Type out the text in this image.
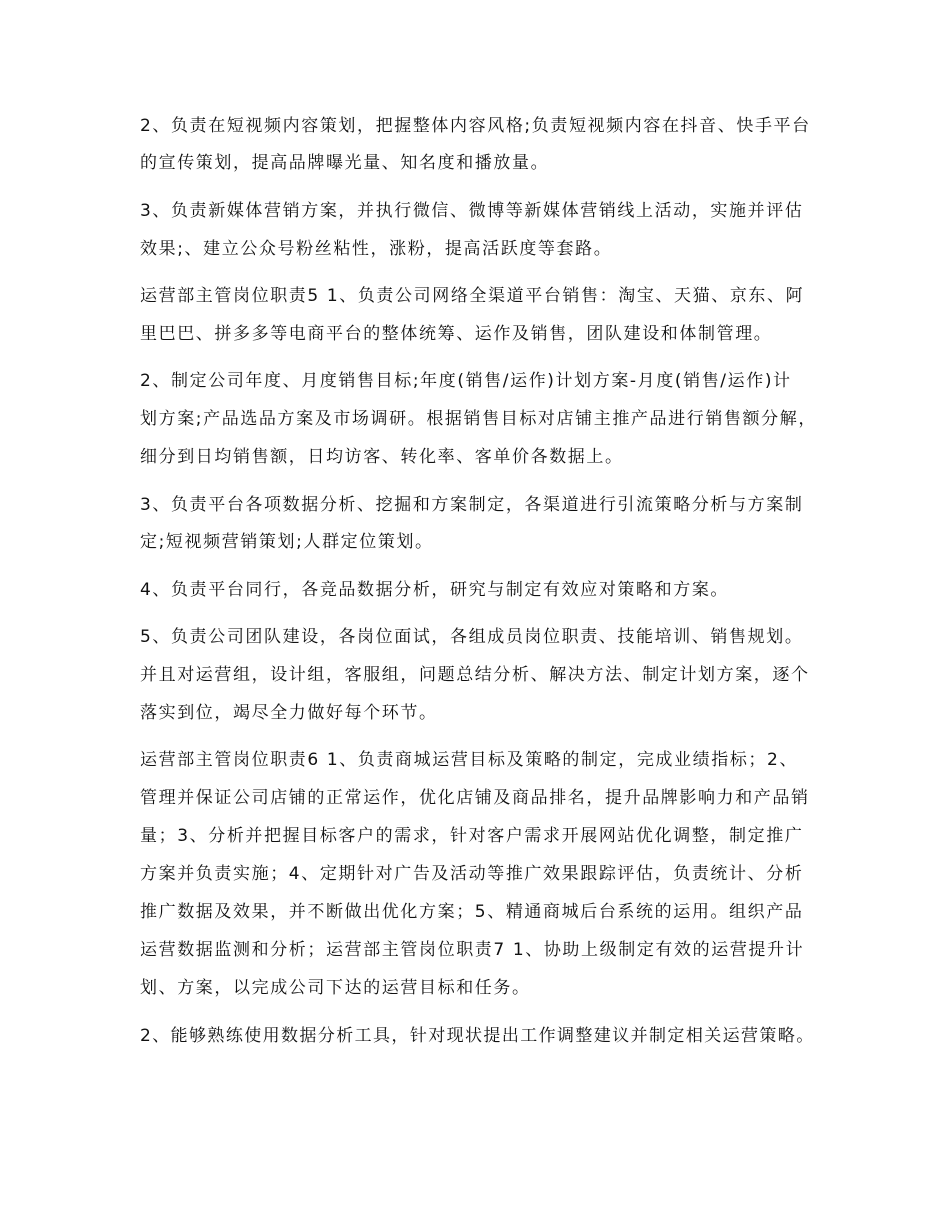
2、负责在短视频内容策划，把握整体内容风格;负责短视频内容在抖音、快手平台
的宣传策划，提高品牌曝光量、知名度和播放量。
3、负责新媒体营销方案，并执行微信、微博等新媒体营销线上活动，实施并评估
效果;、建立公众号粉丝粘性，涨粉，提高活跃度等套路。
运营部主管岗位职责5 1、负责公司网络全渠道平台销售：淘宝、天猫、京东、阿
里巴巴、拼多多等电商平台的整体统筹、运作及销售，团队建设和体制管理。
2、制定公司年度、月度销售目标;年度(销售/运作)计划方案-月度(销售/运作)计
划方案;产品选品方案及市场调研。根据销售目标对店铺主推产品进行销售额分解，
细分到日均销售额，日均访客、转化率、客单价各数据上。
3、负责平台各项数据分析、挖掘和方案制定，各渠道进行引流策略分析与方案制
定;短视频营销策划;人群定位策划。
4、负责平台同行，各竞品数据分析，研究与制定有效应对策略和方案。
5、负责公司团队建设，各岗位面试，各组成员岗位职责、技能培训、销售规划。
并且对运营组，设计组，客服组，问题总结分析、解决方法、制定计划方案，逐个
落实到位，竭尽全力做好每个环节。
运营部主管岗位职责6 1、负责商城运营目标及策略的制定，完成业绩指标；2、
管理并保证公司店铺的正常运作，优化店铺及商品排名，提升品牌影响力和产品销
量；3、分析并把握目标客户的需求，针对客户需求开展网站优化调整，制定推广
方案并负责实施；4、定期针对广告及活动等推广效果跟踪评估，负责统计、分析
推广数据及效果，并不断做出优化方案；5、精通商城后台系统的运用。组织产品
运营数据监测和分析；运营部主管岗位职责7 1、协助上级制定有效的运营提升计
划、方案，以完成公司下达的运营目标和任务。
2、能够熟练使用数据分析工具，针对现状提出工作调整建议并制定相关运营策略。
